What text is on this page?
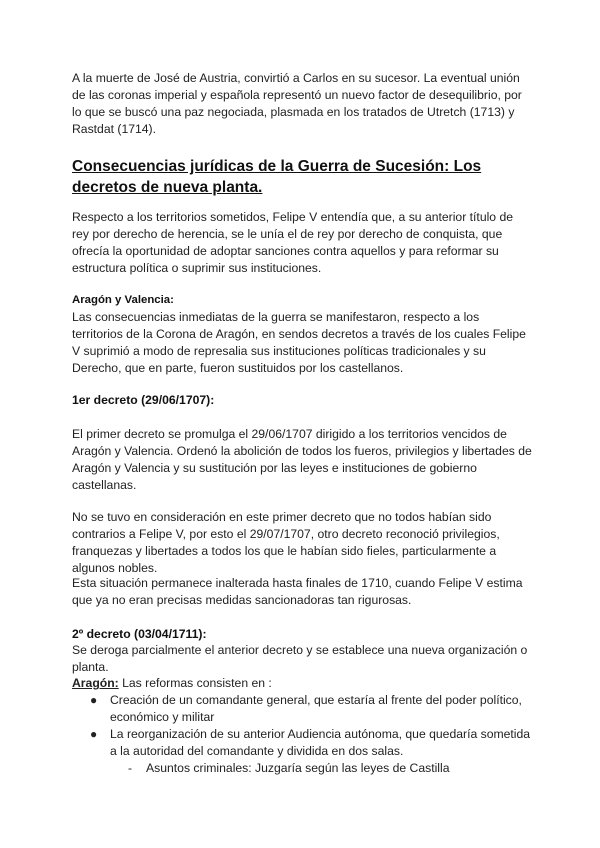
A la muerte de José de Austria, convirtió a Carlos en su sucesor. La eventual unión de las coronas imperial y española representó un nuevo factor de desequilibrio, por lo que se buscó una paz negociada, plasmada en los tratados de Utretch (1713) y Rastdat (1714).

Consecuencias jurídicas de la Guerra de Sucesión: Los decretos de nueva planta.

Respecto a los territorios sometidos, Felipe V entendía que, a su anterior título de rey por derecho de herencia, se le unía el de rey por derecho de conquista, que ofrecía la oportunidad de adoptar sanciones contra aquellos y para reformar su estructura política o suprimir sus instituciones.

Aragón y Valencia:

Las consecuencias inmediatas de la guerra se manifestaron, respecto a los territorios de la Corona de Aragón, en sendos decretos a través de los cuales Felipe V suprimió a modo de represalia sus instituciones políticas tradicionales y su Derecho, que en parte, fueron sustituidos por los castellanos.

1er decreto (29/06/1707):

El primer decreto se promulga el 29/06/1707 dirigido a los territorios vencidos de Aragón y Valencia. Ordenó la abolición de todos los fueros, privilegios y libertades de Aragón y Valencia y su sustitución por las leyes e instituciones de gobierno castellanas.

No se tuvo en consideración en este primer decreto que no todos habían sido contrarios a Felipe V, por esto el 29/07/1707, otro decreto reconoció privilegios, franquezas y libertades a todos los que le habían sido fieles, particularmente a algunos nobles.

Esta situación permanece inalterada hasta finales de 1710, cuando Felipe V estima que ya no eran precisas medidas sancionadoras tan rigurosas.

2º decreto (03/04/1711):

Se deroga parcialmente el anterior decreto y se establece una nueva organización o planta.

Aragón: Las reformas consisten en :

● Creación de un comandante general, que estaría al frente del poder político, económico y militar

● La reorganización de su anterior Audiencia autónoma, que quedaría sometida a la autoridad del comandante y dividida en dos salas.

- Asuntos criminales: Juzgaría según las leyes de Castilla
